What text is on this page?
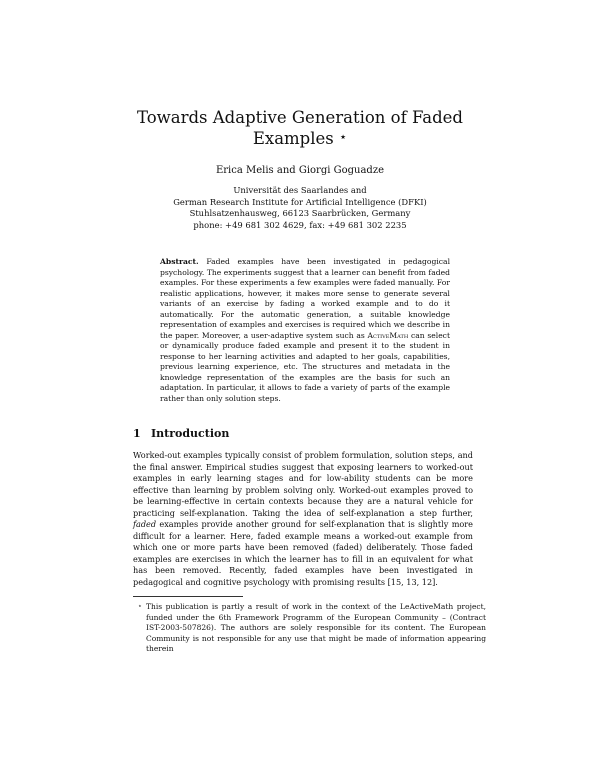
Towards Adaptive Generation of Faded
Examples ⋆
Erica Melis and Giorgi Goguadze
Universität des Saarlandes and
German Research Institute for Artificial Intelligence (DFKI)
Stuhlsatzenhausweg, 66123 Saarbrücken, Germany
phone: +49 681 302 4629, fax: +49 681 302 2235
Abstract. Faded examples have been investigated in pedagogical psychology. The experiments suggest that a learner can benefit from faded examples. For these experiments a few examples were faded manually. For realistic applications, however, it makes more sense to generate several variants of an exercise by fading a worked example and to do it automatically. For the automatic generation, a suitable knowledge representation of examples and exercises is required which we describe in the paper. Moreover, a user-adaptive system such as ActiveMath can select or dynamically produce faded example and present it to the student in response to her learning activities and adapted to her goals, capabilities, previous learning experience, etc. The structures and metadata in the knowledge representation of the examples are the basis for such an adaptation. In particular, it allows to fade a variety of parts of the example rather than only solution steps.
1 Introduction
Worked-out examples typically consist of problem formulation, solution steps, and the final answer. Empirical studies suggest that exposing learners to worked-out examples in early learning stages and for low-ability students can be more effective than learning by problem solving only. Worked-out examples proved to be learning-effective in certain contexts because they are a natural vehicle for practicing self-explanation. Taking the idea of self-explanation a step further, faded examples provide another ground for self-explanation that is slightly more difficult for a learner. Here, faded example means a worked-out example from which one or more parts have been removed (faded) deliberately. Those faded examples are exercises in which the learner has to fill in an equivalent for what has been removed. Recently, faded examples have been investigated in pedagogical and cognitive psychology with promising results [15, 13, 12].
⋆ This publication is partly a result of work in the context of the LeActiveMath project, funded under the 6th Framework Programm of the European Community – (Contract IST-2003-507826). The authors are solely responsible for its content. The European Community is not responsible for any use that might be made of information appearing therein
